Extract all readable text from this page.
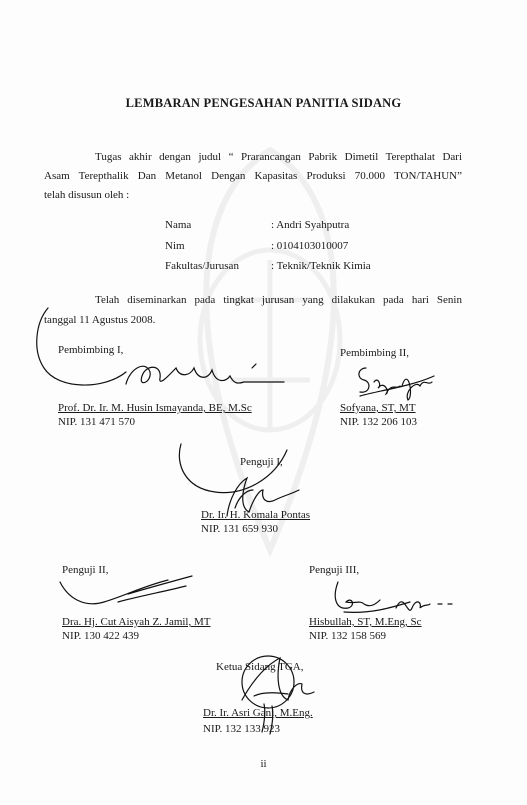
LEMBARAN PENGESAHAN PANITIA SIDANG
Tugas akhir dengan judul “ Prarancangan Pabrik Dimetil Terepthalat Dari
Asam Terepthalik Dan Metanol Dengan Kapasitas Produksi 70.000 TON/TAHUN”
telah disusun oleh :
Nama	: Andri Syahputra
Nim	: 0104103010007
Fakultas/Jurusan	: Teknik/Teknik Kimia
Telah diseminarkan pada tingkat jurusan yang dilakukan pada hari Senin
tanggal 11 Agustus 2008.
Pembimbing I,
Prof. Dr. Ir. M. Husin Ismayanda, BE, M.Sc
NIP. 131 471 570
Pembimbing II,
Sofyana, ST, MT
NIP. 132 206 103
Penguji I,
Dr. Ir. H. Komala Pontas
NIP. 131 659 930
Penguji II,
Dra. Hj. Cut Aisyah Z. Jamil, MT
NIP. 130 422 439
Penguji III,
Hisbullah, ST, M.Eng, Sc
NIP. 132 158 569
Ketua Sidang TGA,
Dr. Ir. Asri Gani, M.Eng.
NIP. 132 133 923
ii
